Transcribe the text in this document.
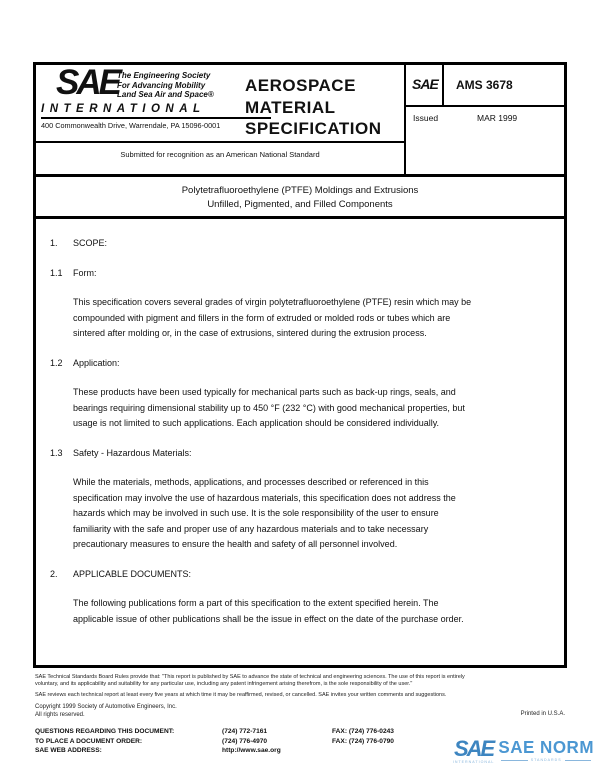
SAE
The Engineering Society
For Advancing Mobility
Land Sea Air and Space®
INTERNATIONAL
400 Commonwealth Drive, Warrendale, PA 15096-0001
AEROSPACE
MATERIAL
SPECIFICATION
SAE AMS 3678
Issued	MAR 1999
Submitted for recognition as an American National Standard
Polytetrafluoroethylene (PTFE) Moldings and Extrusions
Unfilled, Pigmented, and Filled Components
1.	SCOPE:
1.1	Form:
This specification covers several grades of virgin polytetrafluoroethylene (PTFE) resin which may be
compounded with pigment and fillers in the form of extruded or molded rods or tubes which are
sintered after molding or, in the case of extrusions, sintered during the extrusion process.
1.2	Application:
These products have been used typically for mechanical parts such as back-up rings, seals, and
bearings requiring dimensional stability up to 450 °F (232 °C) with good mechanical properties, but
usage is not limited to such applications. Each application should be considered individually.
1.3	Safety - Hazardous Materials:
While the materials, methods, applications, and processes described or referenced in this
specification may involve the use of hazardous materials, this specification does not address the
hazards which may be involved in such use. It is the sole responsibility of the user to ensure
familiarity with the safe and proper use of any hazardous materials and to take necessary
precautionary measures to ensure the health and safety of all personnel involved.
2.	APPLICABLE DOCUMENTS:
The following publications form a part of this specification to the extent specified herein. The
applicable issue of other publications shall be the issue in effect on the date of the purchase order.
SAE Technical Standards Board Rules provide that: "This report is published by SAE to advance the state of technical and engineering sciences. The use of this report is entirely
voluntary, and its applicability and suitability for any particular use, including any patent infringement arising therefrom, is the sole responsibility of the user."
SAE reviews each technical report at least every five years at which time it may be reaffirmed, revised, or cancelled. SAE invites your written comments and suggestions.
Copyright 1999 Society of Automotive Engineers, Inc.
All rights reserved.	Printed in U.S.A.
QUESTIONS REGARDING THIS DOCUMENT:	(724) 772-7161	FAX: (724) 776-0243
TO PLACE A DOCUMENT ORDER:	(724) 776-4970	FAX: (724) 776-0790
SAE WEB ADDRESS:	http://www.sae.org	SAE
INTERNATIONAL
SAE NORM
STANDARDS
